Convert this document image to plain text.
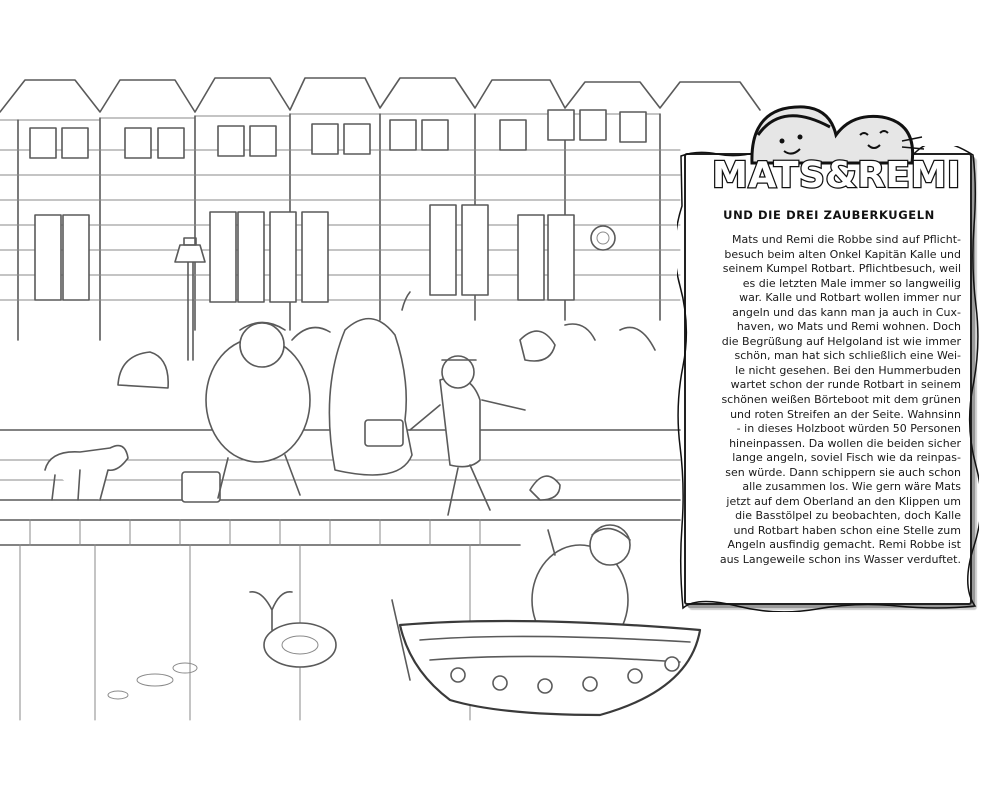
MATS&REMI
UND DIE DREI ZAUBERKUGELN

Mats und Remi die Robbe sind auf Pflicht-
besuch beim alten Onkel Kapitän Kalle und
seinem Kumpel Rotbart. Pflichtbesuch, weil
es die letzten Male immer so langweilig
war. Kalle und Rotbart wollen immer nur
angeln und das kann man ja auch in Cux-
haven, wo Mats und Remi wohnen. Doch
die Begrüßung auf Helgoland ist wie immer
schön, man hat sich schließlich eine Wei-
le nicht gesehen. Bei den Hummerbuden
wartet schon der runde Rotbart in seinem
schönen weißen Börteboot mit dem grünen
und roten Streifen an der Seite. Wahnsinn
- in dieses Holzboot würden 50 Personen
hineinpassen. Da wollen die beiden sicher
lange angeln, soviel Fisch wie da reinpas-
sen würde. Dann schippern sie auch schon
alle zusammen los. Wie gern wäre Mats
jetzt auf dem Oberland an den Klippen um
die Basstölpel zu beobachten, doch Kalle
und Rotbart haben schon eine Stelle zum
Angeln ausfindig gemacht. Remi Robbe ist
aus Langeweile schon ins Wasser verduftet.
